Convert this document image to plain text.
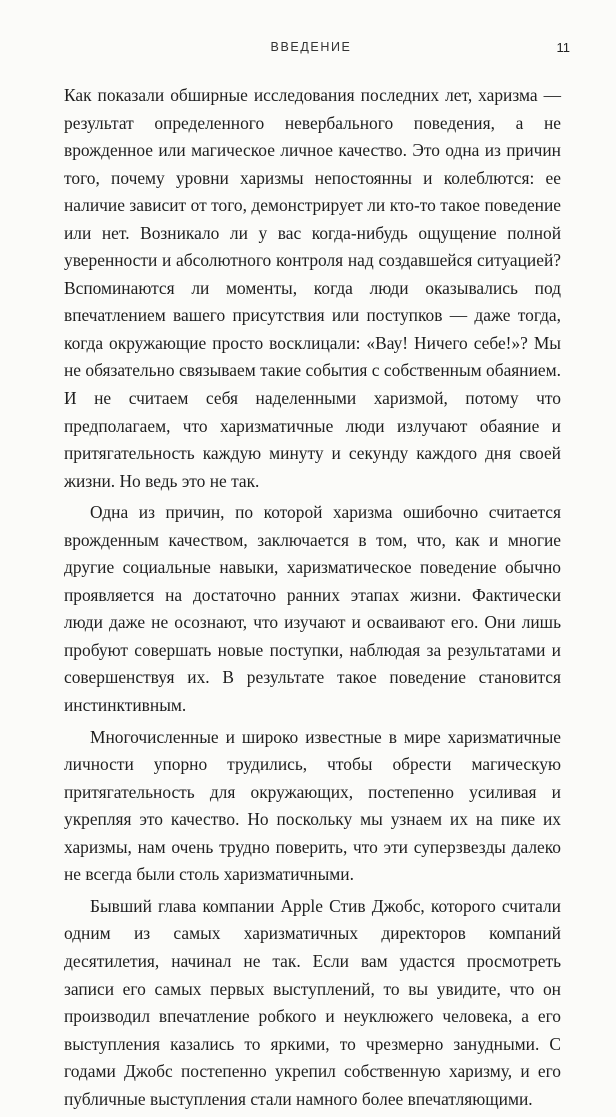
ВВЕДЕНИЕ	11

Как показали обширные исследования последних лет, харизма — результат определенного невербального поведения, а не врожденное или магическое личное качество. Это одна из причин того, почему уровни харизмы непостоянны и колеблются: ее наличие зависит от того, демонстрирует ли кто-то такое поведение или нет. Возникало ли у вас когда-нибудь ощущение полной уверенности и абсолютного контроля над создавшейся ситуацией? Вспоминаются ли моменты, когда люди оказывались под впечатлением вашего присутствия или поступков — даже тогда, когда окружающие просто восклицали: «Вау! Ничего себе!»? Мы не обязательно связываем такие события с собственным обаянием. И не считаем себя наделенными харизмой, потому что предполагаем, что харизматичные люди излучают обаяние и притягательность каждую минуту и секунду каждого дня своей жизни. Но ведь это не так.

Одна из причин, по которой харизма ошибочно считается врожденным качеством, заключается в том, что, как и многие другие социальные навыки, харизматическое поведение обычно проявляется на достаточно ранних этапах жизни. Фактически люди даже не осознают, что изучают и осваивают его. Они лишь пробуют совершать новые поступки, наблюдая за результатами и совершенствуя их. В результате такое поведение становится инстинктивным.

Многочисленные и широко известные в мире харизматичные личности упорно трудились, чтобы обрести магическую притягательность для окружающих, постепенно усиливая и укрепляя это качество. Но поскольку мы узнаем их на пике их харизмы, нам очень трудно поверить, что эти суперзвезды далеко не всегда были столь харизматичными.

Бывший глава компании Apple Стив Джобс, которого считали одним из самых харизматичных директоров компаний десятилетия, начинал не так. Если вам удастся просмотреть записи его самых первых выступлений, то вы увидите, что он производил впечатление робкого и неуклюжего человека, а его выступления казались то яркими, то чрезмерно занудными. С годами Джобс постепенно укрепил собственную харизму, и его публичные выступления стали намного более впечатляющими.
